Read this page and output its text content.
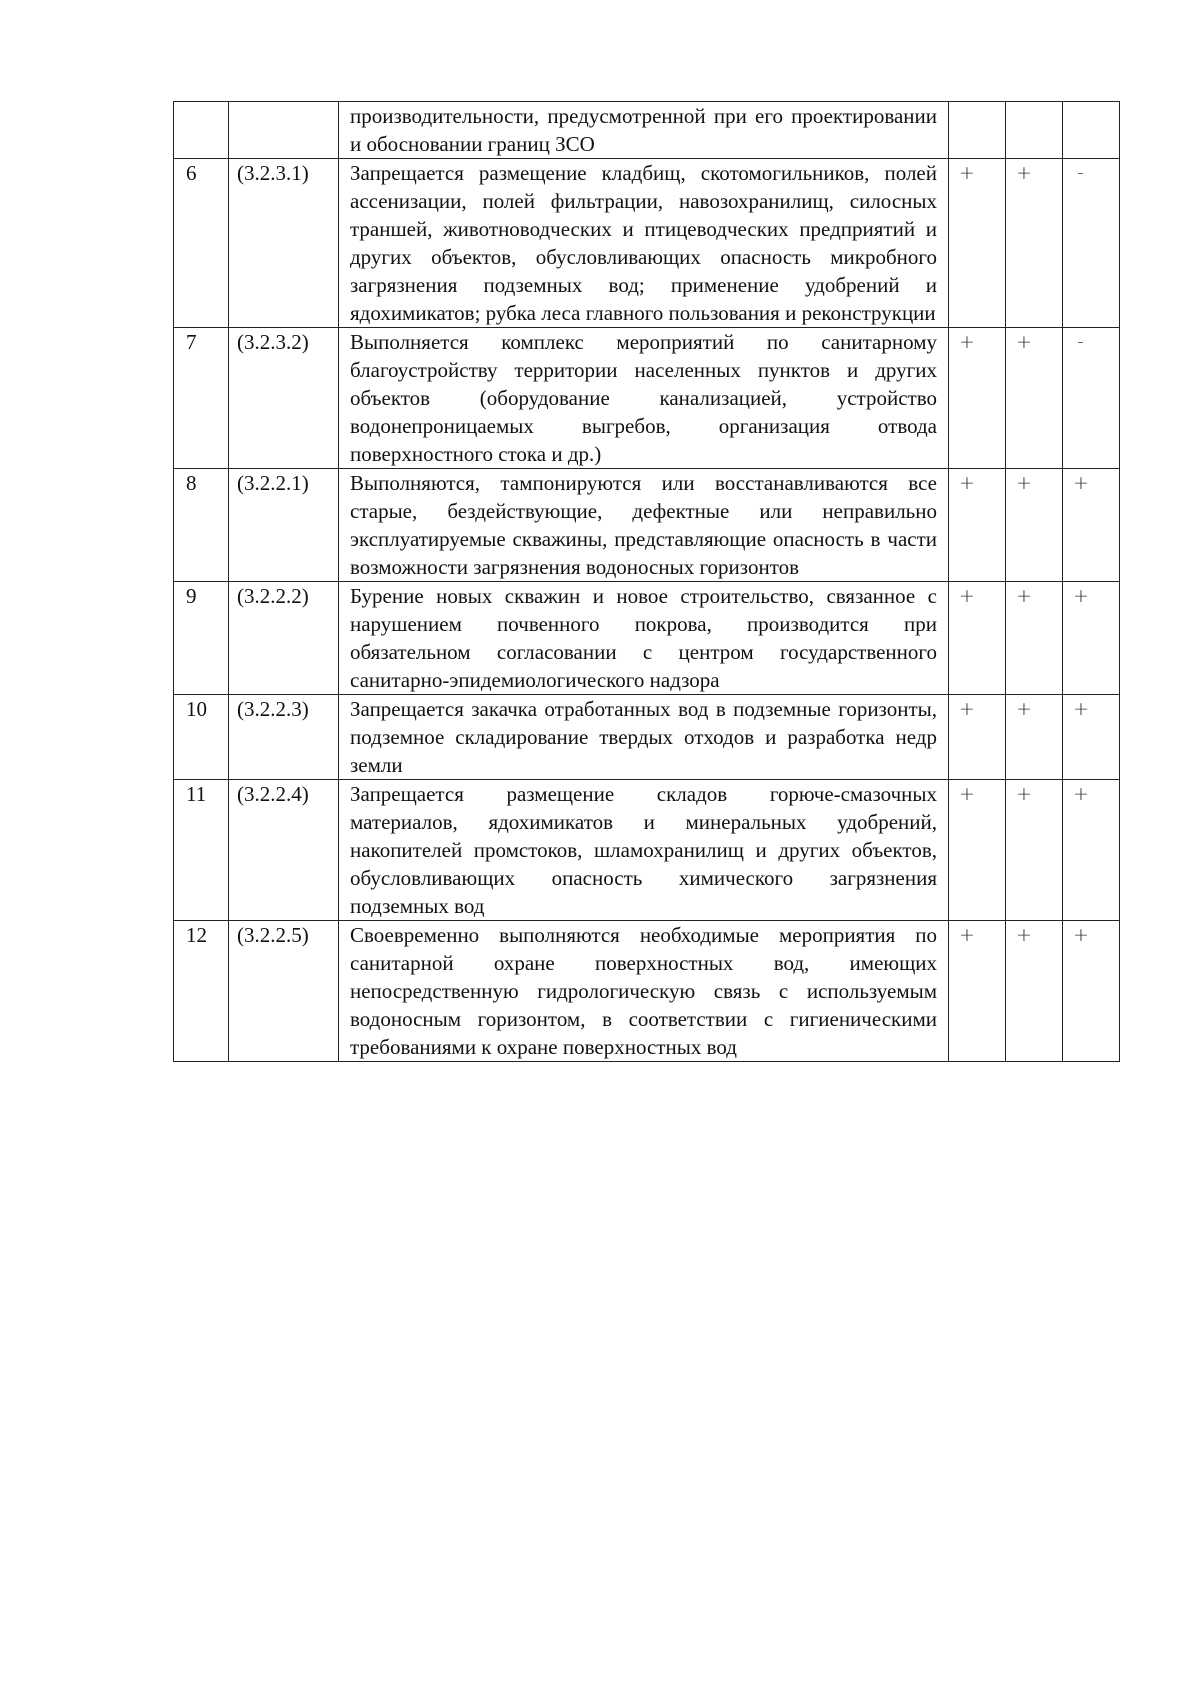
		производительности, предусмотренной при его проектировании и обосновании границ ЗСО			
6	(3.2.3.1)	Запрещается размещение кладбищ, скотомогильников, полей ассенизации, полей фильтрации, навозохранилищ, силосных траншей, животноводческих и птицеводческих предприятий и других объектов, обусловливающих опасность микробного загрязнения подземных вод; применение удобрений и ядохимикатов; рубка леса главного пользования и реконструкции	+	+	-
7	(3.2.3.2)	Выполняется комплекс мероприятий по санитарному благоустройству территории населенных пунктов и других объектов (оборудование канализацией, устройство водонепроницаемых выгребов, организация отвода поверхностного стока и др.)	+	+	-
8	(3.2.2.1)	Выполняются, тампонируются или восстанавливаются все старые, бездействующие, дефектные или неправильно эксплуатируемые скважины, представляющие опасность в части возможности загрязнения водоносных горизонтов	+	+	+
9	(3.2.2.2)	Бурение новых скважин и новое строительство, связанное с нарушением почвенного покрова, производится при обязательном согласовании с центром государственного санитарно-эпидемиологического надзора	+	+	+
10	(3.2.2.3)	Запрещается закачка отработанных вод в подземные горизонты, подземное складирование твердых отходов и разработка недр земли	+	+	+
11	(3.2.2.4)	Запрещается размещение складов горюче-смазочных материалов, ядохимикатов и минеральных удобрений, накопителей промстоков, шламохранилищ и других объектов, обусловливающих опасность химического загрязнения подземных вод	+	+	+
12	(3.2.2.5)	Своевременно выполняются необходимые мероприятия по санитарной охране поверхностных вод, имеющих непосредственную гидрологическую связь с используемым водоносным горизонтом, в соответствии с гигиеническими требованиями к охране поверхностных вод	+	+	+
